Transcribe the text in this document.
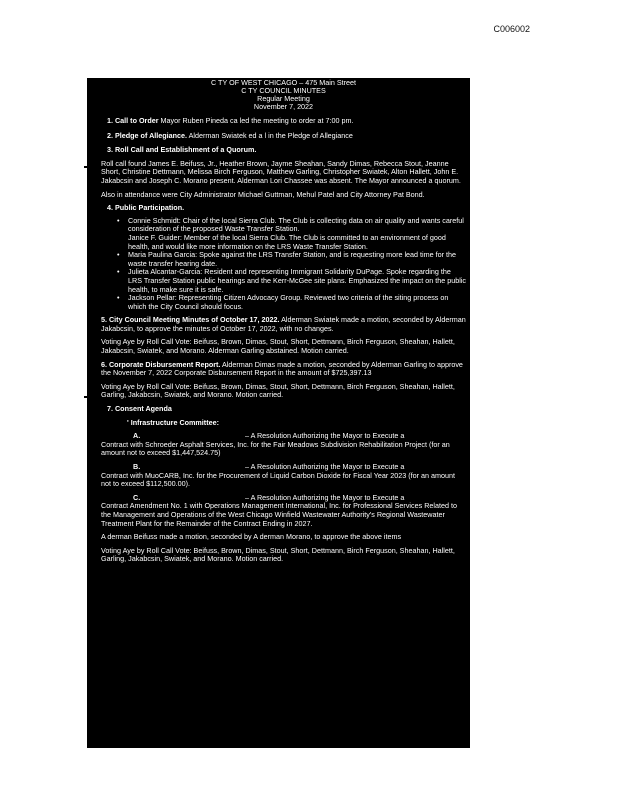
C006002
C TY OF WEST CHICAGO – 475 Main Street
C TY COUNCIL MINUTES
Regular Meeting
November 7, 2022

1. Call to Order Mayor Ruben Pineda ca led the meeting to order at 7:00 pm.

2. Pledge of Allegiance. Alderman Swiatek ed a l in the Pledge of Allegiance

3. Roll Call and Establishment of a Quorum.

Roll call found James E. Beifuss, Jr., Heather Brown, Jayme Sheahan, Sandy Dimas, Rebecca Stout, Jeanne Short, Christine Dettmann, Melissa Birch Ferguson, Matthew Garling, Christopher Swiatek, Alton Hallett, John E. Jakabcsin and Joseph C. Morano present. Alderman Lori Chassee was absent. The Mayor announced a quorum.

Also in attendance were City Administrator Michael Guttman, Mehul Patel and City Attorney Pat Bond.

4. Public Participation.

• Connie Schmidt: Chair of the local Sierra Club. The Club is collecting data on air quality and wants careful consideration of the proposed Waste Transfer Station.
Janice F. Guider: Member of the local Sierra Club. The Club is committed to an environment of good health, and would like more information on the LRS Waste Transfer Station.
• Maria Paulina Garcia: Spoke against the LRS Transfer Station, and is requesting more lead time for the waste transfer hearing date.
• Julieta Alcantar-Garcia: Resident and representing Immigrant Solidarity DuPage. Spoke regarding the LRS Transfer Station public hearings and the Kerr-McGee site plans. Emphasized the impact on the public health, to make sure it is safe.
• Jackson Pellar: Representing Citizen Advocacy Group. Reviewed two criteria of the siting process on which the City Council should focus.

5. City Council Meeting Minutes of October 17, 2022. Alderman Swiatek made a motion, seconded by Alderman Jakabcsin, to approve the minutes of October 17, 2022, with no changes.

Voting Aye by Roll Call Vote: Beifuss, Brown, Dimas, Stout, Short, Dettmann, Birch Ferguson, Sheahan, Hallett, Jakabcsin, Swiatek, and Morano. Alderman Garling abstained. Motion carried.

6. Corporate Disbursement Report. Alderman Dimas made a motion, seconded by Alderman Garling to approve the November 7, 2022 Corporate Disbursement Report in the amount of $725,397.13

Voting Aye by Roll Call Vote: Beifuss, Brown, Dimas, Stout, Short, Dettmann, Birch Ferguson, Sheahan, Hallett, Garling, Jakabcsin, Swiatek, and Morano. Motion carried.

7. Consent Agenda

' Infrastructure Committee:

A.	– A Resolution Authorizing the Mayor to Execute a

Contract with Schroeder Asphalt Services, Inc. for the Fair Meadows Subdivision Rehabilitation Project (for an amount not to exceed $1,447,524.75)

B.	– A Resolution Authorizing the Mayor to Execute a

Contract with MuoCARB, Inc. for the Procurement of Liquid Carbon Dioxide for Fiscal Year 2023 (for an amount not to exceed $112,500.00).

C.	– A Resolution Authorizing the Mayor to Execute a

Contract Amendment No. 1 with Operations Management International, Inc. for Professional Services Related to the Management and Operations of the West Chicago Winfield Wastewater Authority's Regional Wastewater Treatment Plant for the Remainder of the Contract Ending in 2027.

A derman Beifuss made a motion, seconded by A derman Morano, to approve the above items

Voting Aye by Roll Call Vote: Beifuss, Brown, Dimas, Stout, Short, Dettmann, Birch Ferguson, Sheahan, Hallett, Garling, Jakabcsin, Swiatek, and Morano. Motion carried.
